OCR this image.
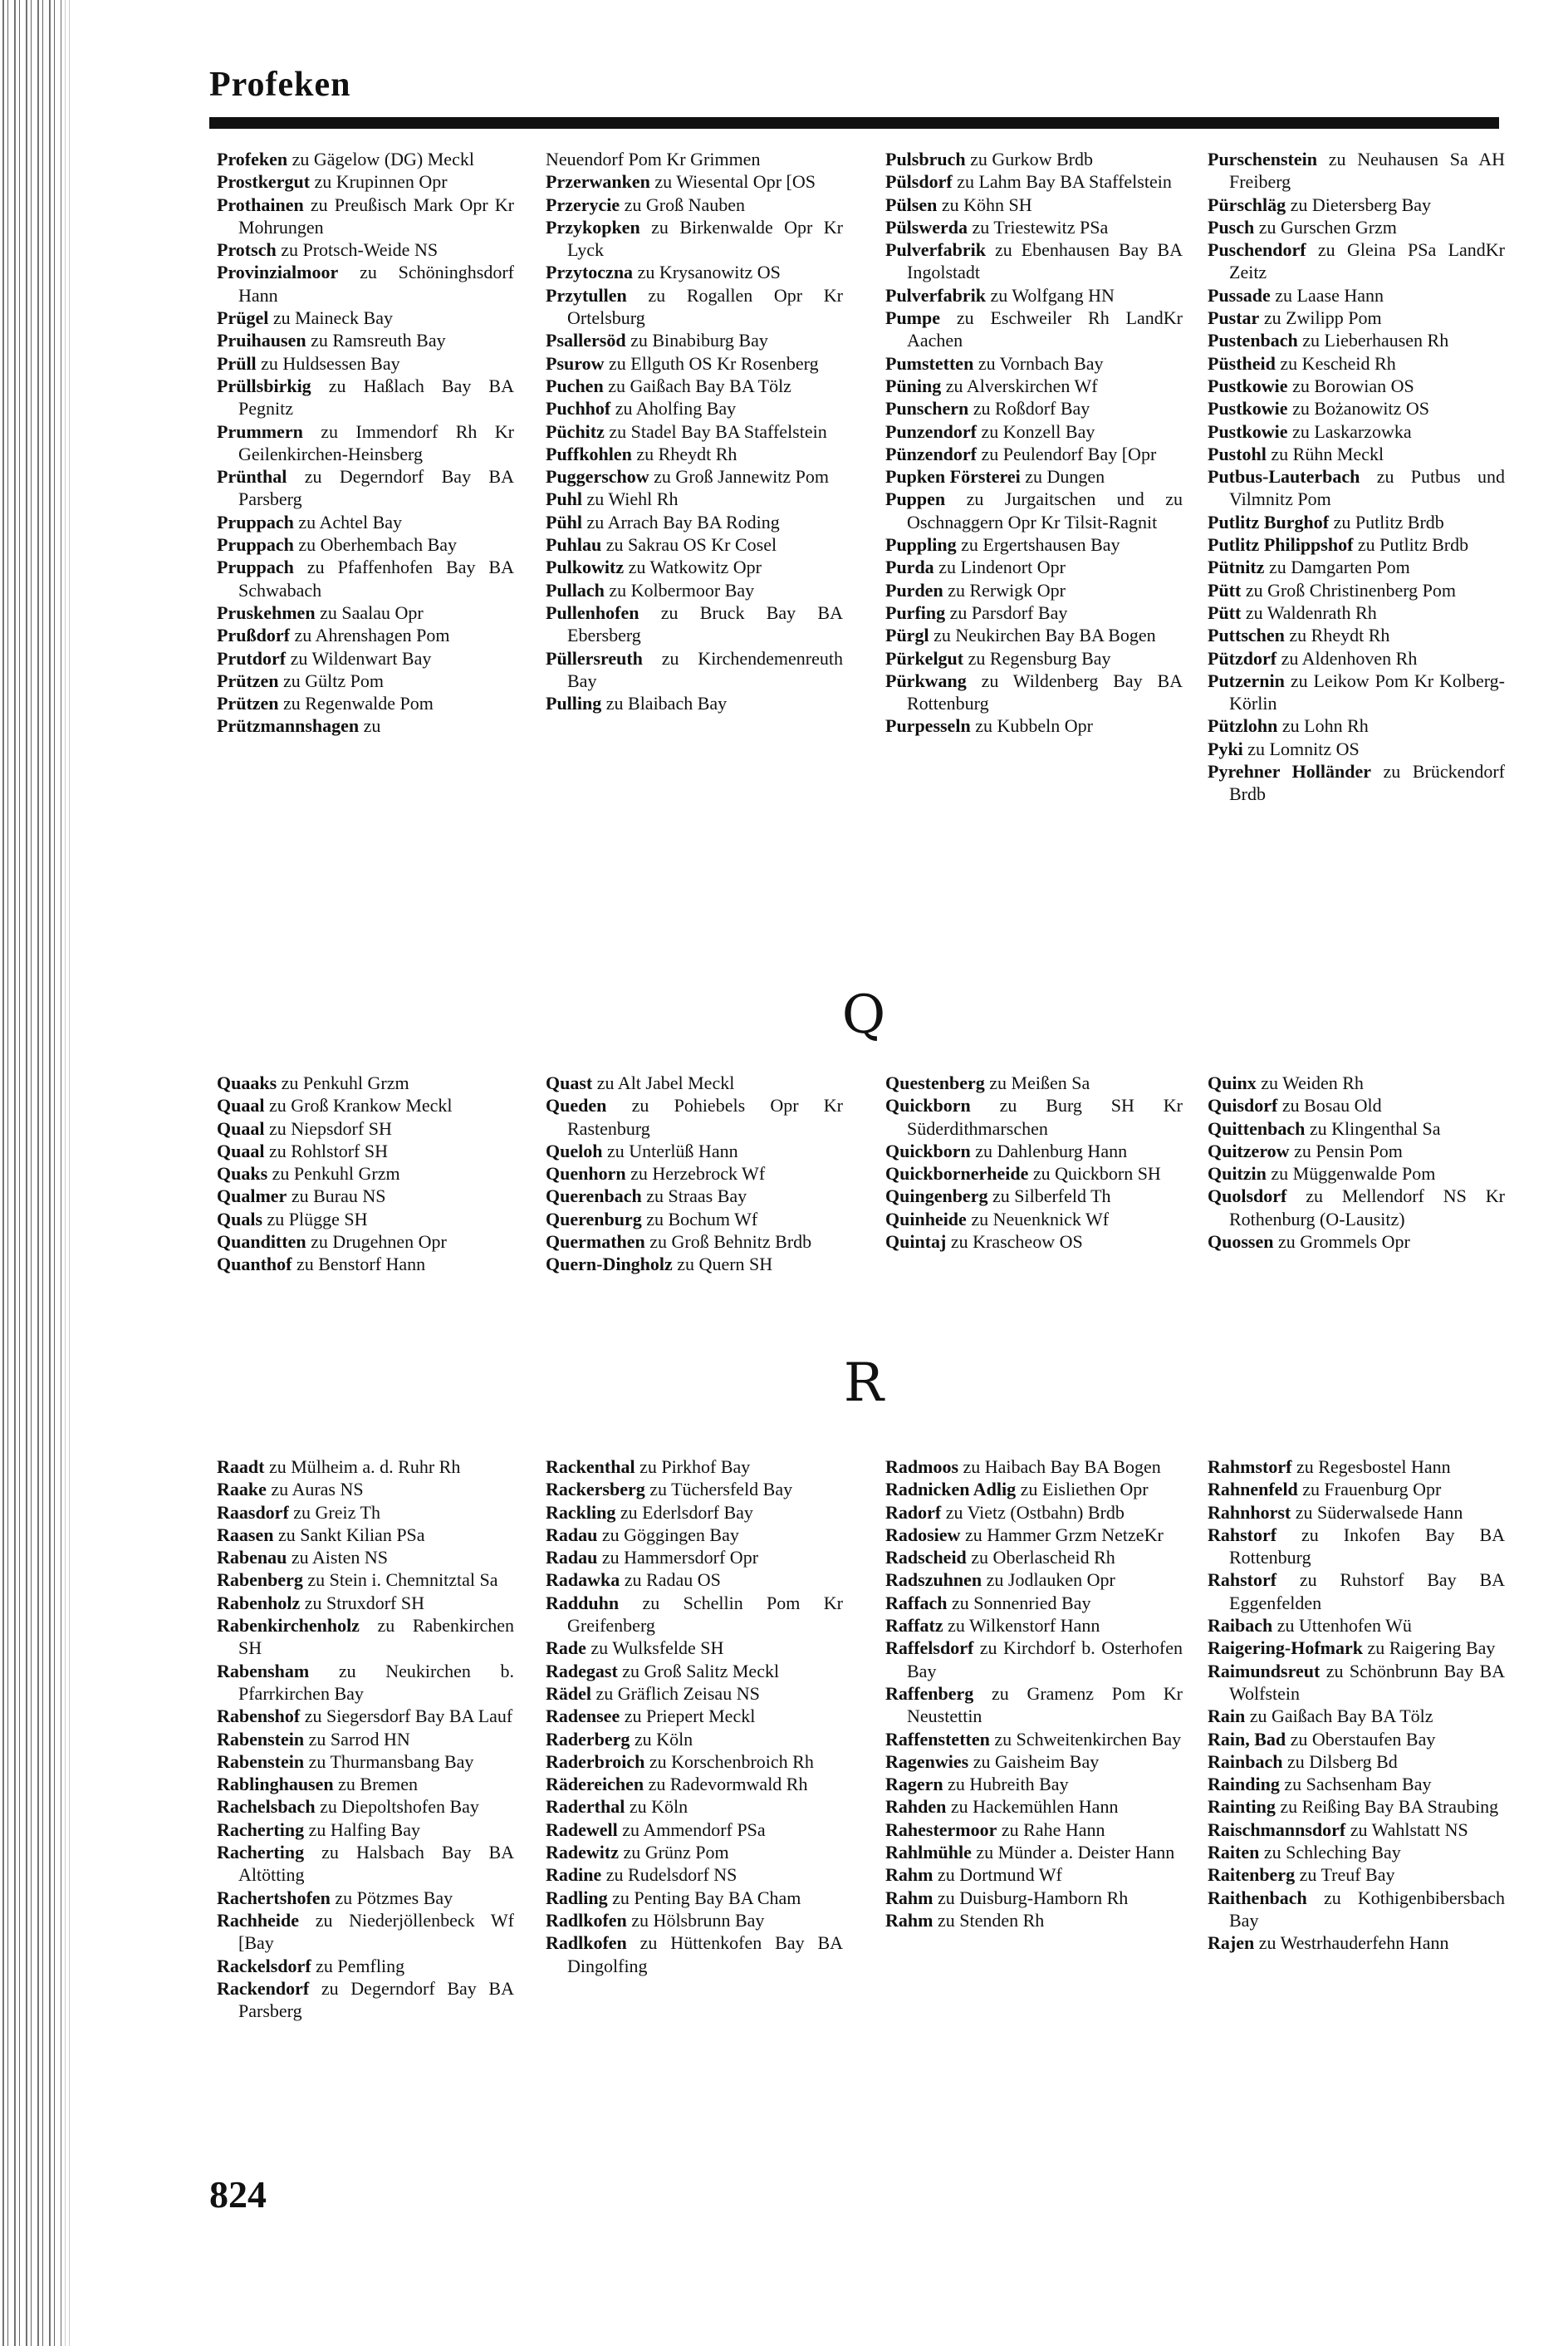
Profeken
Profeken zu Gägelow (DG) Meckl
Prostkergut zu Krupinnen Opr
Prothainen zu Preußisch Mark Opr Kr Mohrungen
Protsch zu Protsch-Weide NS
Provinzialmoor zu Schöninghsdorf Hann
Prügel zu Maineck Bay
Pruihausen zu Ramsreuth Bay
Prüll zu Huldsessen Bay
Prüllsbirkig zu Haßlach Bay BA Pegnitz
Prummern zu Immendorf Rh Kr Geilenkirchen-Heinsberg
Prünthal zu Degerndorf Bay BA Parsberg
Pruppach zu Achtel Bay
Pruppach zu Oberhembach Bay
Pruppach zu Pfaffenhofen Bay BA Schwabach
Pruskehmen zu Saalau Opr
Prußdorf zu Ahrenshagen Pom
Prutdorf zu Wildenwart Bay
Prützen zu Gültz Pom
Prützen zu Regenwalde Pom
Prützmannshagen zu
Neuendorf Pom Kr Grimmen
Przerwanken zu Wiesental Opr [OS
Przerycie zu Groß Nauben
Przykopken zu Birkenwalde Opr Kr Lyck
Przytoczna zu Krysanowitz OS
Przytullen zu Rogallen Opr Kr Ortelsburg
Psallersöd zu Binabiburg Bay
Psurow zu Ellguth OS Kr Rosenberg
Puchen zu Gaißach Bay BA Tölz
Puchhof zu Aholfing Bay
Püchitz zu Stadel Bay BA Staffelstein
Puffkohlen zu Rheydt Rh
Puggerschow zu Groß Jannewitz Pom
Puhl zu Wiehl Rh
Pühl zu Arrach Bay BA Roding
Puhlau zu Sakrau OS Kr Cosel
Pulkowitz zu Watkowitz Opr
Pullach zu Kolbermoor Bay
Pullenhofen zu Bruck Bay BA Ebersberg
Püllersreuth zu Kirchendemenreuth Bay
Pulling zu Blaibach Bay
Pulsbruch zu Gurkow Brdb
Pülsdorf zu Lahm Bay BA Staffelstein
Pülsen zu Köhn SH
Pülswerda zu Triestewitz PSa
Pulverfabrik zu Ebenhausen Bay BA Ingolstadt
Pulverfabrik zu Wolfgang HN
Pumpe zu Eschweiler Rh LandKr Aachen
Pumstetten zu Vornbach Bay
Püning zu Alverskirchen Wf
Punschern zu Roßdorf Bay
Punzendorf zu Konzell Bay
Pünzendorf zu Peulendorf Bay [Opr
Pupken Försterei zu Dungen
Puppen zu Jurgaitschen und zu Oschnaggern Opr Kr Tilsit-Ragnit
Puppling zu Ergertshausen Bay
Purda zu Lindenort Opr
Purden zu Rerwigk Opr
Purfing zu Parsdorf Bay
Pürgl zu Neukirchen Bay BA Bogen
Pürkelgut zu Regensburg Bay
Pürkwang zu Wildenberg Bay BA Rottenburg
Purpesseln zu Kubbeln Opr
Purschenstein zu Neuhausen Sa AH Freiberg
Pürschläg zu Dietersberg Bay
Pusch zu Gurschen Grzm
Puschendorf zu Gleina PSa LandKr Zeitz
Pussade zu Laase Hann
Pustar zu Zwilipp Pom
Pustenbach zu Lieberhausen Rh
Püstheid zu Kescheid Rh
Pustkowie zu Borowian OS
Pustkowie zu Bożanowitz OS
Pustkowie zu Laskarzowka
Pustohl zu Rühn Meckl
Putbus-Lauterbach zu Putbus und Vilmnitz Pom
Putlitz Burghof zu Putlitz Brdb
Putlitz Philippshof zu Putlitz Brdb
Pütnitz zu Damgarten Pom
Pütt zu Groß Christinenberg Pom
Pütt zu Waldenrath Rh
Puttschen zu Rheydt Rh
Pützdorf zu Aldenhoven Rh
Putzernin zu Leikow Pom Kr Kolberg-Körlin
Pützlohn zu Lohn Rh
Pyki zu Lomnitz OS
Pyrehner Holländer zu Brückendorf Brdb
Q
Quaaks zu Penkuhl Grzm
Quaal zu Groß Krankow Meckl
Quaal zu Niepsdorf SH
Quaal zu Rohlstorf SH
Quaks zu Penkuhl Grzm
Qualmer zu Burau NS
Quals zu Plügge SH
Quanditten zu Drugehnen Opr
Quanthof zu Benstorf Hann
Quast zu Alt Jabel Meckl
Queden zu Pohiebels Opr Kr Rastenburg
Queloh zu Unterlüß Hann
Quenhorn zu Herzebrock Wf
Querenbach zu Straas Bay
Querenburg zu Bochum Wf
Quermathen zu Groß Behnitz Brdb
Quern-Dingholz zu Quern SH
Questenberg zu Meißen Sa
Quickborn zu Burg SH Kr Süderdithmarschen
Quickborn zu Dahlenburg Hann
Quickbornerheide zu Quickborn SH
Quingenberg zu Silberfeld Th
Quinheide zu Neuenknick Wf
Quintaj zu Krascheow OS
Quinx zu Weiden Rh
Quisdorf zu Bosau Old
Quittenbach zu Klingenthal Sa
Quitzerow zu Pensin Pom
Quitzin zu Müggenwalde Pom
Quolsdorf zu Mellendorf NS Kr Rothenburg (O-Lausitz)
Quossen zu Grommels Opr
R
Raadt zu Mülheim a. d. Ruhr Rh
Raake zu Auras NS
Raasdorf zu Greiz Th
Raasen zu Sankt Kilian PSa
Rabenau zu Aisten NS
Rabenberg zu Stein i. Chemnitztal Sa
Rabenholz zu Struxdorf SH
Rabenkirchenholz zu Rabenkirchen SH
Rabensham zu Neukirchen b. Pfarrkirchen Bay
Rabenshof zu Siegersdorf Bay BA Lauf
Rabenstein zu Sarrod HN
Rabenstein zu Thurmansbang Bay
Rablinghausen zu Bremen
Rachelsbach zu Diepoltshofen Bay
Racherting zu Halfing Bay
Racherting zu Halsbach Bay BA Altötting
Rachertshofen zu Pötzmes Bay
Rachheide zu Niederjöllenbeck Wf [Bay
Rackelsdorf zu Pemfling
Rackendorf zu Degerndorf Bay BA Parsberg
Rackenthal zu Pirkhof Bay
Rackersberg zu Tüchersfeld Bay
Rackling zu Ederlsdorf Bay
Radau zu Göggingen Bay
Radau zu Hammersdorf Opr
Radawka zu Radau OS
Radduhn zu Schellin Pom Kr Greifenberg
Rade zu Wulksfelde SH
Radegast zu Groß Salitz Meckl
Rädel zu Gräflich Zeisau NS
Radensee zu Priepert Meckl
Raderberg zu Köln
Raderbroich zu Korschenbroich Rh
Rädereichen zu Radevormwald Rh
Raderthal zu Köln
Radewell zu Ammendorf PSa
Radewitz zu Grünz Pom
Radine zu Rudelsdorf NS
Radling zu Penting Bay BA Cham
Radlkofen zu Hölsbrunn Bay
Radlkofen zu Hüttenkofen Bay BA Dingolfing
Radmoos zu Haibach Bay BA Bogen
Radnicken Adlig zu Eisliethen Opr
Radorf zu Vietz (Ostbahn) Brdb
Radosiew zu Hammer Grzm NetzeKr
Radscheid zu Oberlascheid Rh
Radszuhnen zu Jodlauken Opr
Raffach zu Sonnenried Bay
Raffatz zu Wilkenstorf Hann
Raffelsdorf zu Kirchdorf b. Osterhofen Bay
Raffenberg zu Gramenz Pom Kr Neustettin
Raffenstetten zu Schweitenkirchen Bay
Ragenwies zu Gaisheim Bay
Ragern zu Hubreith Bay
Rahden zu Hackemühlen Hann
Rahestermoor zu Rahe Hann
Rahlmühle zu Münder a. Deister Hann
Rahm zu Dortmund Wf
Rahm zu Duisburg-Hamborn Rh
Rahm zu Stenden Rh
Rahmstorf zu Regesbostel Hann
Rahnenfeld zu Frauenburg Opr
Rahnhorst zu Süderwalsede Hann
Rahstorf zu Inkofen Bay BA Rottenburg
Rahstorf zu Ruhstorf Bay BA Eggenfelden
Raibach zu Uttenhofen Wü
Raigering-Hofmark zu Raigering Bay
Raimundsreut zu Schönbrunn Bay BA Wolfstein
Rain zu Gaißach Bay BA Tölz
Rain, Bad zu Oberstaufen Bay
Rainbach zu Dilsberg Bd
Rainding zu Sachsenham Bay
Rainting zu Reißing Bay BA Straubing
Raischmannsdorf zu Wahlstatt NS
Raiten zu Schleching Bay
Raitenberg zu Treuf Bay
Raithenbach zu Kothigenbibersbach Bay
Rajen zu Westrhauderfehn Hann
824
